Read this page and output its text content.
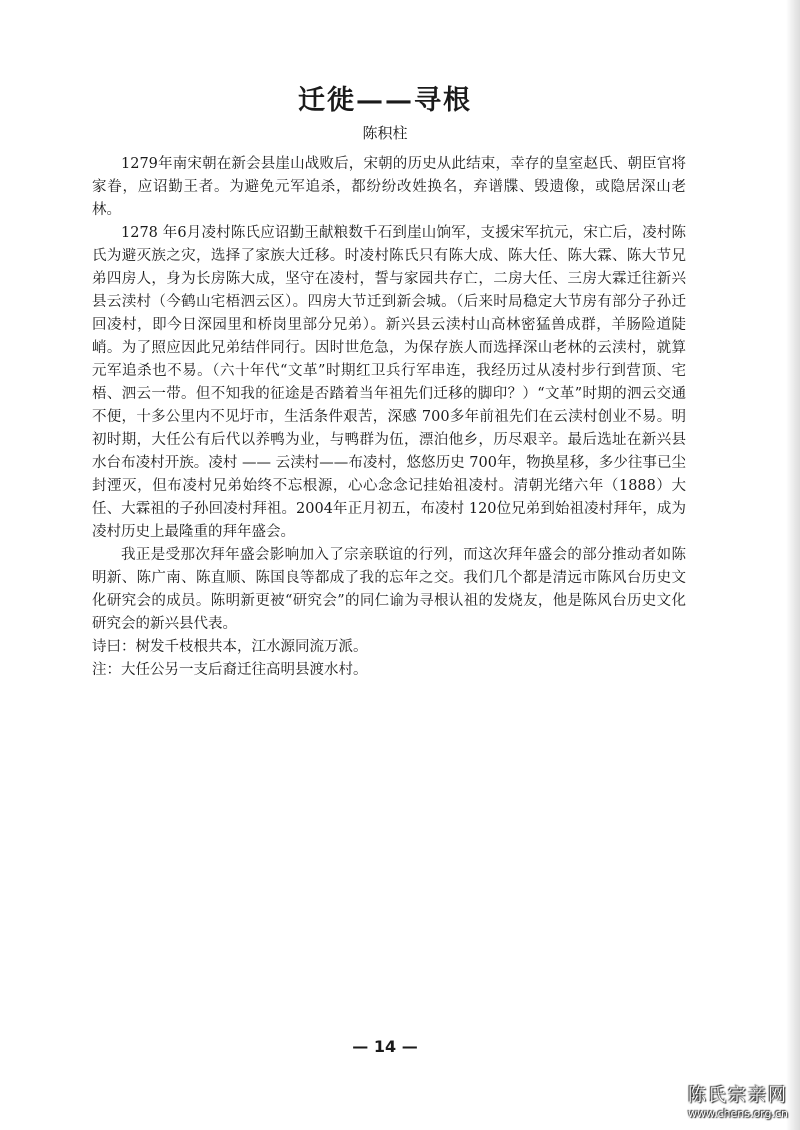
迁徙——寻根
陈积柱

1279年南宋朝在新会县崖山战败后，宋朝的历史从此结束，幸存的皇室赵氏、朝臣官将家眷，应诏勤王者。为避免元军追杀，都纷纷改姓换名，弃谱牒、毁遗像，或隐居深山老林。

1278 年6月凌村陈氏应诏勤王献粮数千石到崖山饷军，支援宋军抗元，宋亡后，凌村陈氏为避灭族之灾，选择了家族大迁移。时凌村陈氏只有陈大成、陈大任、陈大霖、陈大节兄弟四房人，身为长房陈大成，坚守在凌村，誓与家园共存亡，二房大任、三房大霖迁往新兴县云渎村（今鹤山宅梧泗云区）。四房大节迁到新会城。（后来时局稳定大节房有部分子孙迁回凌村，即今日深园里和桥岗里部分兄弟）。新兴县云渎村山高林密猛兽成群，羊肠险道陡峭。为了照应因此兄弟结伴同行。因时世危急，为保存族人而选择深山老林的云渎村，就算元军追杀也不易。（六十年代“文革”时期红卫兵行军串连，我经历过从凌村步行到营顶、宅梧、泗云一带。但不知我的征途是否踏着当年祖先们迁移的脚印？）“文革”时期的泗云交通不便，十多公里内不见圩市，生活条件艰苦，深感 700多年前祖先们在云渎村创业不易。明初时期，大任公有后代以养鸭为业，与鸭群为伍，漂泊他乡，历尽艰辛。最后选址在新兴县水台布凌村开族。凌村 —— 云渎村——布凌村，悠悠历史 700年，物换星移，多少往事已尘封湮灭，但布凌村兄弟始终不忘根源，心心念念记挂始祖凌村。清朝光绪六年（1888）大任、大霖祖的子孙回凌村拜祖。2004年正月初五，布凌村 120位兄弟到始祖凌村拜年，成为凌村历史上最隆重的拜年盛会。

我正是受那次拜年盛会影响加入了宗亲联谊的行列，而这次拜年盛会的部分推动者如陈明新、陈广南、陈直顺、陈国良等都成了我的忘年之交。我们几个都是清远市陈风台历史文化研究会的成员。陈明新更被“研究会”的同仁谕为寻根认祖的发烧友，他是陈风台历史文化研究会的新兴县代表。

诗曰：树发千枝根共本，江水源同流万派。

注：大任公另一支后裔迁往高明县渡水村。

— 14 —
陈氏宗亲网
www.chens.org.cn
